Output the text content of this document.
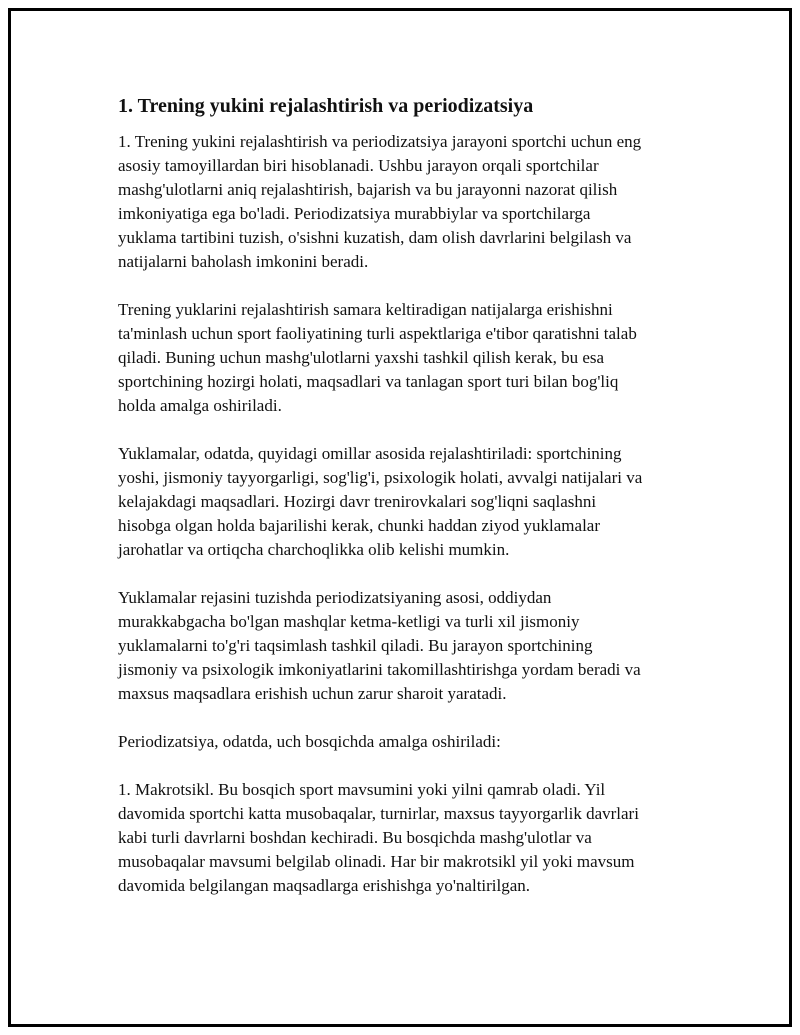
1. Trening yukini rejalashtirish va periodizatsiya

1. Trening yukini rejalashtirish va periodizatsiya jarayoni sportchi uchun eng
asosiy tamoyillardan biri hisoblanadi. Ushbu jarayon orqali sportchilar
mashg'ulotlarni aniq rejalashtirish, bajarish va bu jarayonni nazorat qilish
imkoniyatiga ega bo'ladi. Periodizatsiya murabbiylar va sportchilarga
yuklama tartibini tuzish, o'sishni kuzatish, dam olish davrlarini belgilash va
natijalarni baholash imkonini beradi.

Trening yuklarini rejalashtirish samara keltiradigan natijalarga erishishni
ta'minlash uchun sport faoliyatining turli aspektlariga e'tibor qaratishni talab
qiladi. Buning uchun mashg'ulotlarni yaxshi tashkil qilish kerak, bu esa
sportchining hozirgi holati, maqsadlari va tanlagan sport turi bilan bog'liq
holda amalga oshiriladi.

Yuklamalar, odatda, quyidagi omillar asosida rejalashtiriladi: sportchining
yoshi, jismoniy tayyorgarligi, sog'lig'i, psixologik holati, avvalgi natijalari va
kelajakdagi maqsadlari. Hozirgi davr trenirovkalari sog'liqni saqlashni
hisobga olgan holda bajarilishi kerak, chunki haddan ziyod yuklamalar
jarohatlar va ortiqcha charchoqlikka olib kelishi mumkin.

Yuklamalar rejasini tuzishda periodizatsiyaning asosi, oddiydan
murakkabgacha bo'lgan mashqlar ketma-ketligi va turli xil jismoniy
yuklamalarni to'g'ri taqsimlash tashkil qiladi. Bu jarayon sportchining
jismoniy va psixologik imkoniyatlarini takomillashtirishga yordam beradi va
maxsus maqsadlara erishish uchun zarur sharoit yaratadi.

Periodizatsiya, odatda, uch bosqichda amalga oshiriladi:

1. Makrotsikl. Bu bosqich sport mavsumini yoki yilni qamrab oladi. Yil
davomida sportchi katta musobaqalar, turnirlar, maxsus tayyorgarlik davrlari
kabi turli davrlarni boshdan kechiradi. Bu bosqichda mashg'ulotlar va
musobaqalar mavsumi belgilab olinadi. Har bir makrotsikl yil yoki mavsum
davomida belgilangan maqsadlarga erishishga yo'naltirilgan.
